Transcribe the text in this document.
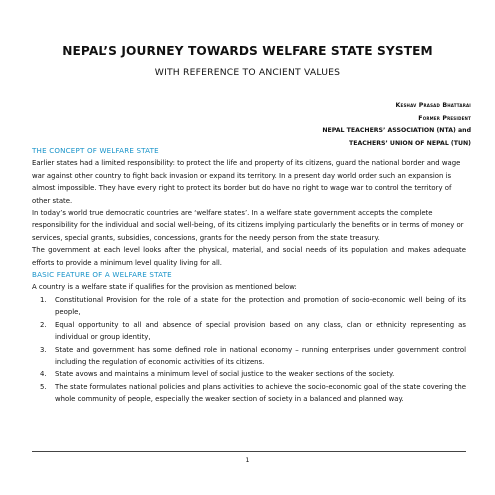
NEPAL’S JOURNEY TOWARDS WELFARE STATE SYSTEM
WITH REFERENCE TO ANCIENT VALUES
Keshav Prasad Bhattarai
Former President
NEPAL TEACHERS’ ASSOCIATION (NTA) and
TEACHERS’ UNION OF NEPAL (TUN)

THE CONCEPT OF WELFARE STATE

Earlier states had a limited responsibility: to protect the life and property of its citizens, guard the national border and wage war against other country to fight back invasion or expand its territory. In a present day world order such an expansion is almost impossible. They have every right to protect its border but do have no right to wage war to control the territory of other state.

In today’s world true democratic countries are ‘welfare states’. In a welfare state government accepts the complete responsibility for the individual and social well-being, of its citizens implying particularly the benefits or in terms of money or services, special grants, subsidies, concessions, grants for the needy person from the state treasury.

The government at each level looks after the physical, material, and social needs of its population and makes adequate efforts to provide a minimum level quality living for all.

BASIC FEATURE OF A WELFARE STATE

A country is a welfare state if qualifies for the provision as mentioned below:

1. Constitutional Provision for the role of a state for the protection and promotion of socio-economic well being of its people,
2. Equal opportunity to all and absence of special provision based on any class, clan or ethnicity representing as individual or group identity,
3. State and government has some defined role in national economy – running enterprises under government control including the regulation of economic activities of its citizens.
4. State avows and maintains a minimum level of social justice to the weaker sections of the society.
5. The state formulates national policies and plans activities to achieve the socio-economic goal of the state covering the whole community of people, especially the weaker section of society in a balanced and planned way.
1
